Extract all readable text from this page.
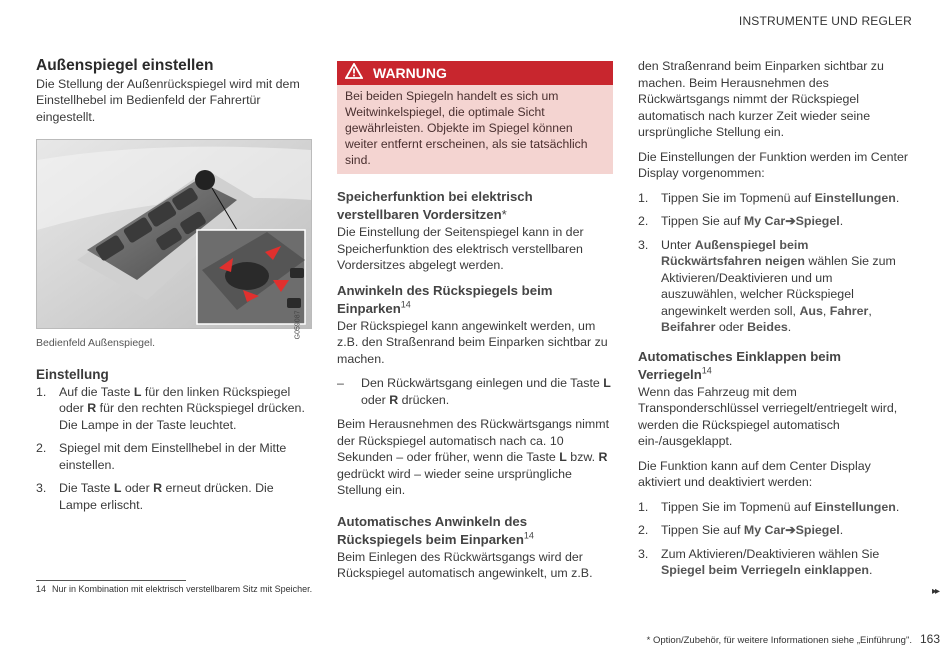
INSTRUMENTE UND REGLER
Außenspiegel einstellen

Die Stellung der Außenrückspiegel wird mit dem Einstellhebel im Bedienfeld der Fahrertür eingestellt.

G059087
Bedienfeld Außenspiegel.
Einstellung
1.	Auf die Taste L für den linken Rückspiegel oder R für den rechten Rückspiegel drücken. Die Lampe in der Taste leuchtet.
2.	Spiegel mit dem Einstellhebel in der Mitte einstellen.
3.	Die Taste L oder R erneut drücken. Die Lampe erlischt.
WARNUNG
Bei beiden Spiegeln handelt es sich um Weitwinkelspiegel, die optimale Sicht gewährleisten. Objekte im Spiegel können weiter entfernt erscheinen, als sie tatsächlich sind.
Speicherfunktion bei elektrisch verstellbaren Vordersitzen*

Die Einstellung der Seitenspiegel kann in der Speicherfunktion des elektrisch verstellbaren Vordersitzes abgelegt werden.

Anwinkeln des Rückspiegels beim Einparken$^{14}$

Der Rückspiegel kann angewinkelt werden, um z.B. den Straßenrand beim Einparken sichtbar zu machen.

–	Den Rückwärtsgang einlegen und die Taste L oder R drücken.

Beim Herausnehmen des Rückwärtsgangs nimmt der Rückspiegel automatisch nach ca. 10 Sekunden – oder früher, wenn die Taste L bzw. R gedrückt wird – wieder seine ursprüngliche Stellung ein.

Automatisches Anwinkeln des Rückspiegels beim Einparken$^{14}$

Beim Einlegen des Rückwärtsgangs wird der Rückspiegel automatisch angewinkelt, um z.B.

den Straßenrand beim Einparken sichtbar zu machen. Beim Herausnehmen des Rückwärtsgangs nimmt der Rückspiegel automatisch nach kurzer Zeit wieder seine ursprüngliche Stellung ein.

Die Einstellungen der Funktion werden im Center Display vorgenommen:

1.	Tippen Sie im Topmenü auf Einstellungen.
2.	Tippen Sie auf My Car➔Spiegel.
3.	Unter Außenspiegel beim Rückwärtsfahren neigen wählen Sie zum Aktivieren/Deaktivieren und um auszuwählen, welcher Rückspiegel angewinkelt werden soll, Aus, Fahrer, Beifahrer oder Beides.
Automatisches Einklappen beim Verriegeln$^{14}$

Wenn das Fahrzeug mit dem Transponderschlüssel verriegelt/entriegelt wird, werden die Rückspiegel automatisch ein-/ausgeklappt.

Die Funktion kann auf dem Center Display aktiviert und deaktiviert werden:

1.	Tippen Sie im Topmenü auf Einstellungen.
2.	Tippen Sie auf My Car➔Spiegel.
3.	Zum Aktivieren/Deaktivieren wählen Sie Spiegel beim Verriegeln einklappen.
▸▸
14 Nur in Kombination mit elektrisch verstellbarem Sitz mit Speicher.
* Option/Zubehör, für weitere Informationen siehe „Einführung". 163
